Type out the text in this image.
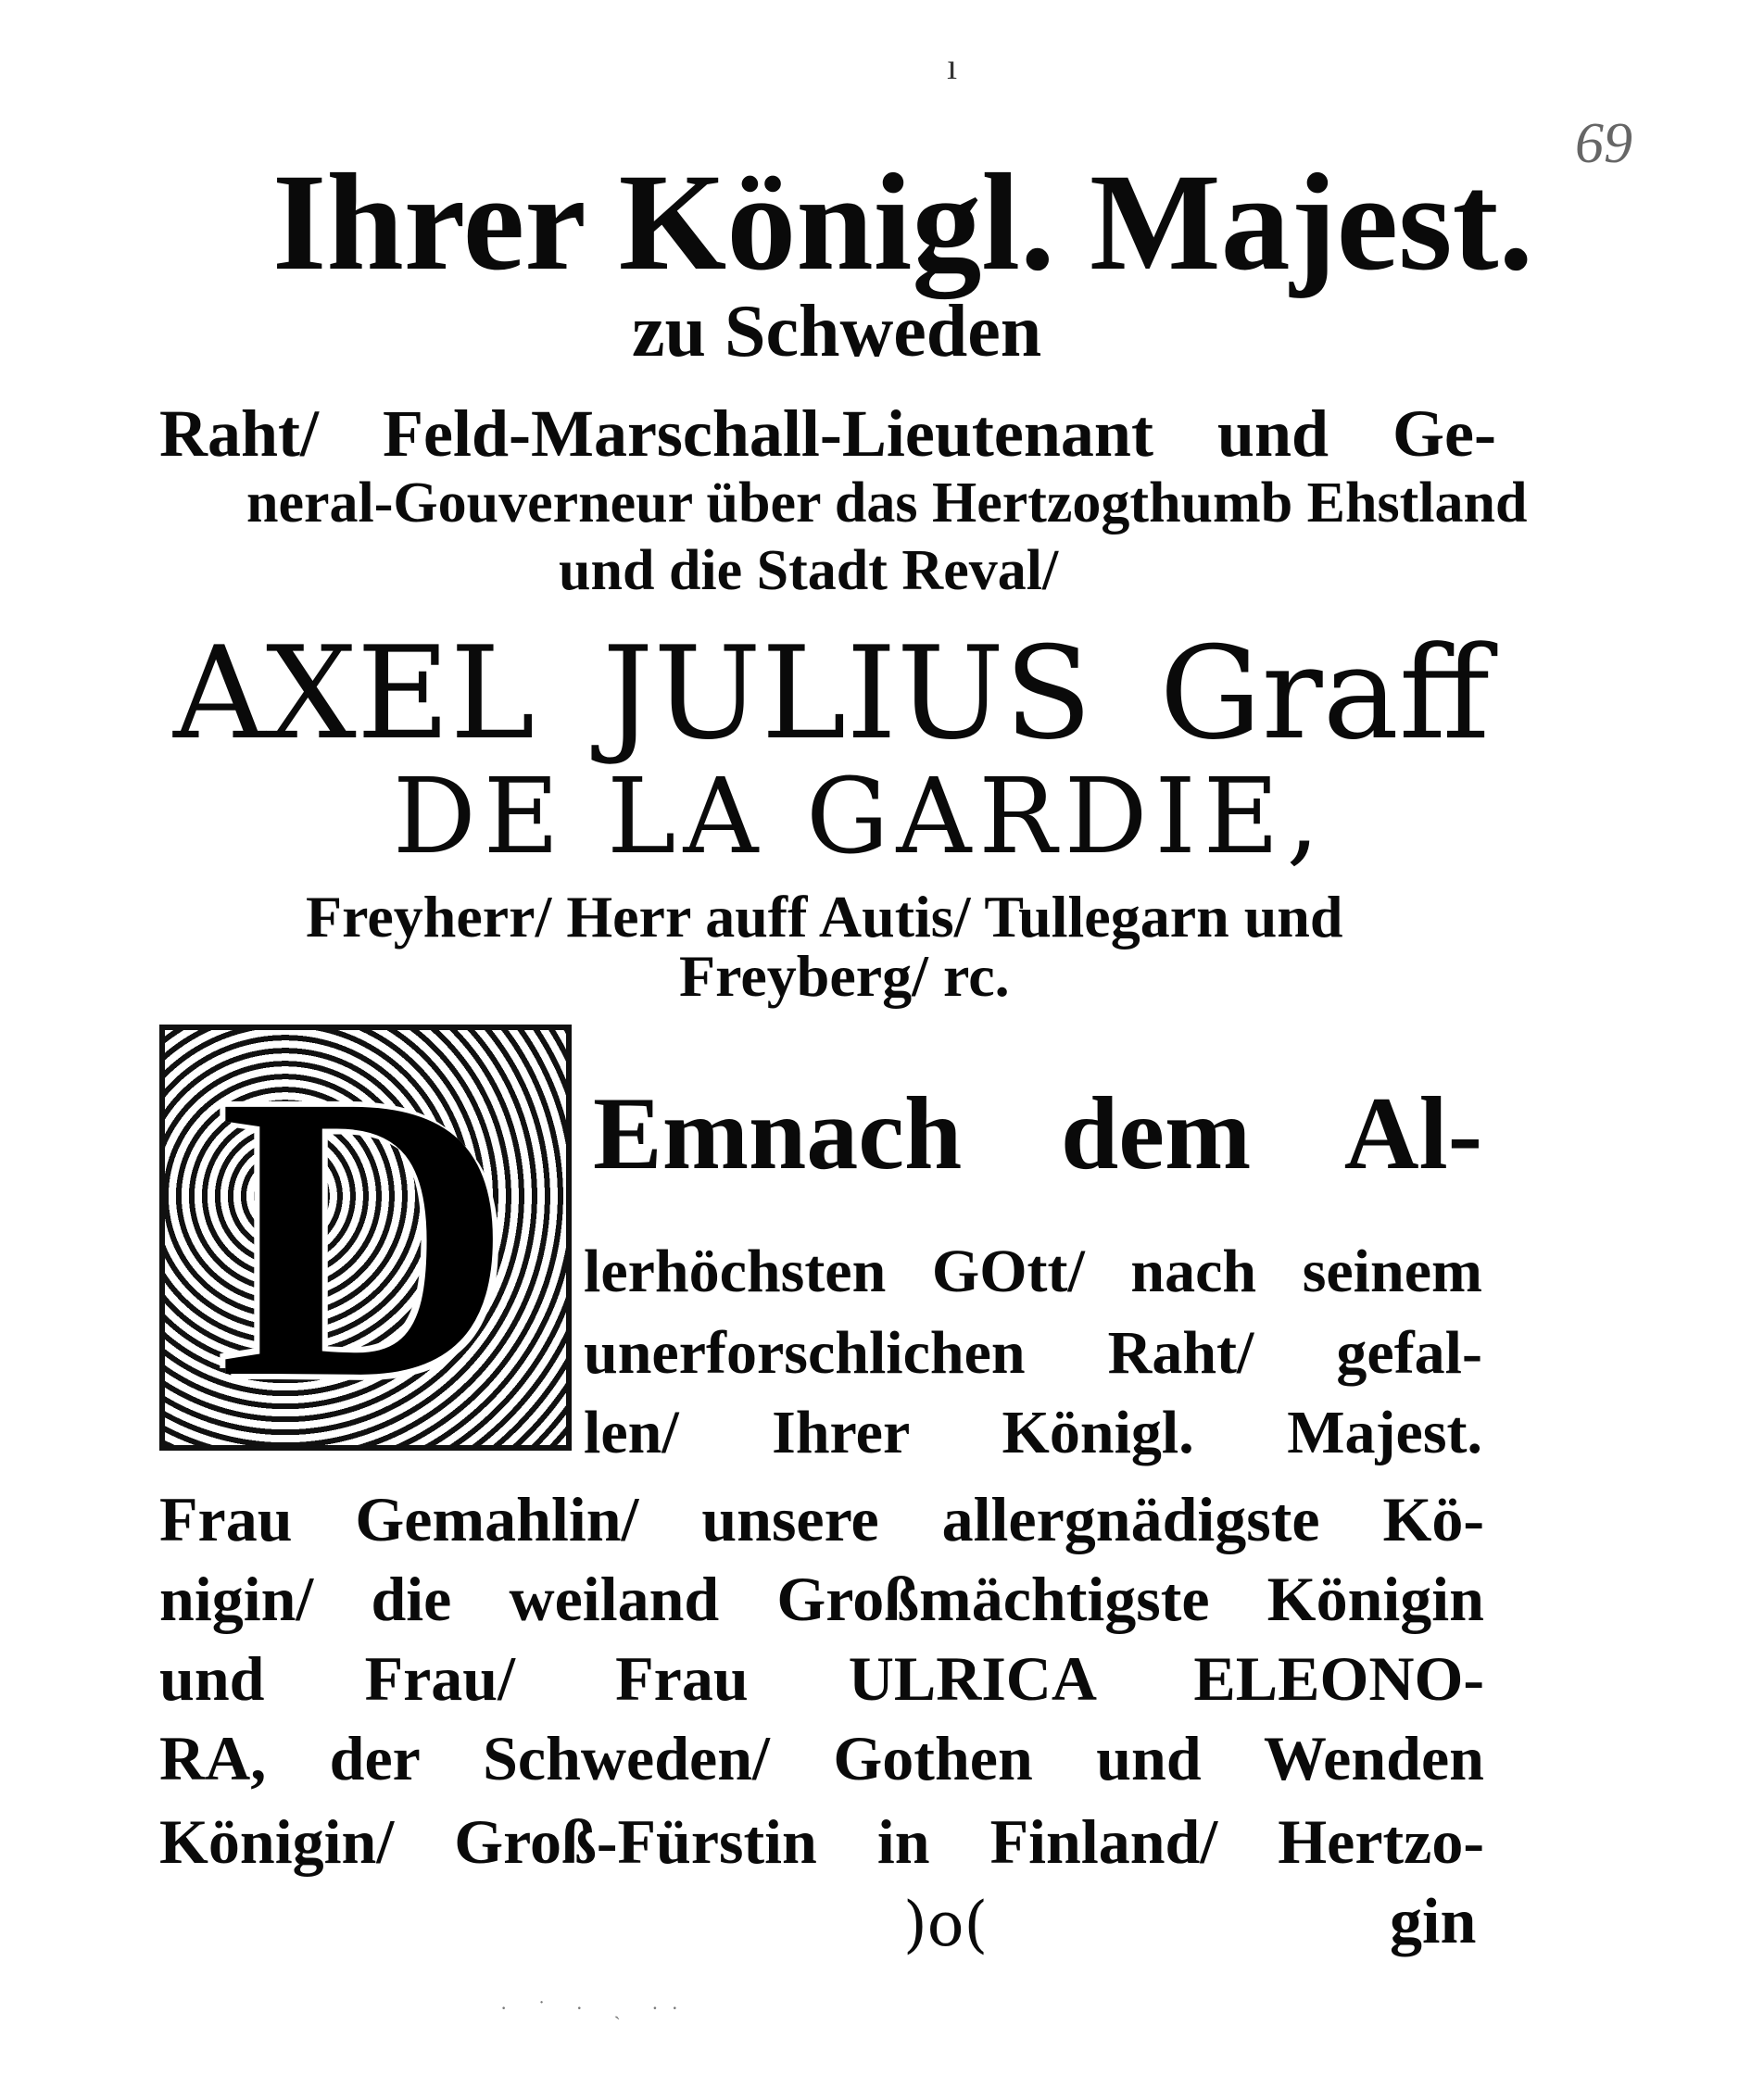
ı
69
Ihrer Königl. Majest.
zu Schweden
Raht/ Feld-Marschall-Lieutenant und Ge-
neral-Gouverneur über das Hertzogthumb Ehstland
und die Stadt Reval/
AXEL JULIUS Graff
DE LA GARDIE,
Freyherr/ Herr auff Autis/ Tullegarn und
Freyberg/ rc.
D Emnach dem Al-
lerhöchsten GOtt/ nach seinem
unerforschlichen Raht/ gefal-
len/ Ihrer Königl. Majest.
Frau Gemahlin/ unsere allergnädigste Kö-
nigin/ die weiland Großmächtigste Königin
und Frau/ Frau ULRICA ELEONO-
RA, der Schweden/ Gothen und Wenden
Königin/ Groß-Fürstin in Finland/ Hertzo-
)o(	gin
· ˙ · ˏ ··
